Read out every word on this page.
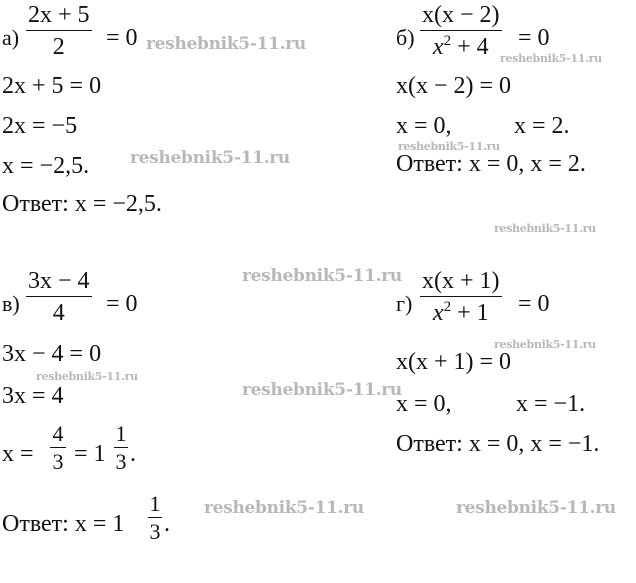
а)
2x + 5
2 = 0
2x + 5 = 0
2x = −5
x = −2,5.
Ответ: x = −2,5.
б)
x(x − 2)
$x^2 + 4 = 0$
x(x − 2) = 0
x = 0,	x = 2.
Ответ: x = 0, x = 2.
в)
3x − 4
4 = 0
3x − 4 = 0
3x = 4
x =
4
3 = 1
1
3 .
Ответ: x = 1
1
3 .
г)
x(x + 1)
$x^2 + 1 = 0$
x(x + 1) = 0
x = 0,	x = −1.
Ответ: x = 0, x = −1.
reshebnik5-11.ru
reshebnik5-11.ru
reshebnik5-11.ru
reshebnik5-11.ru
reshebnik5-11.ru
reshebnik5-11.ru
reshebnik5-11.ru
reshebnik5-11.ru
reshebnik5-11.ru
reshebnik5-11.ru	reshebnik5-11.ru
